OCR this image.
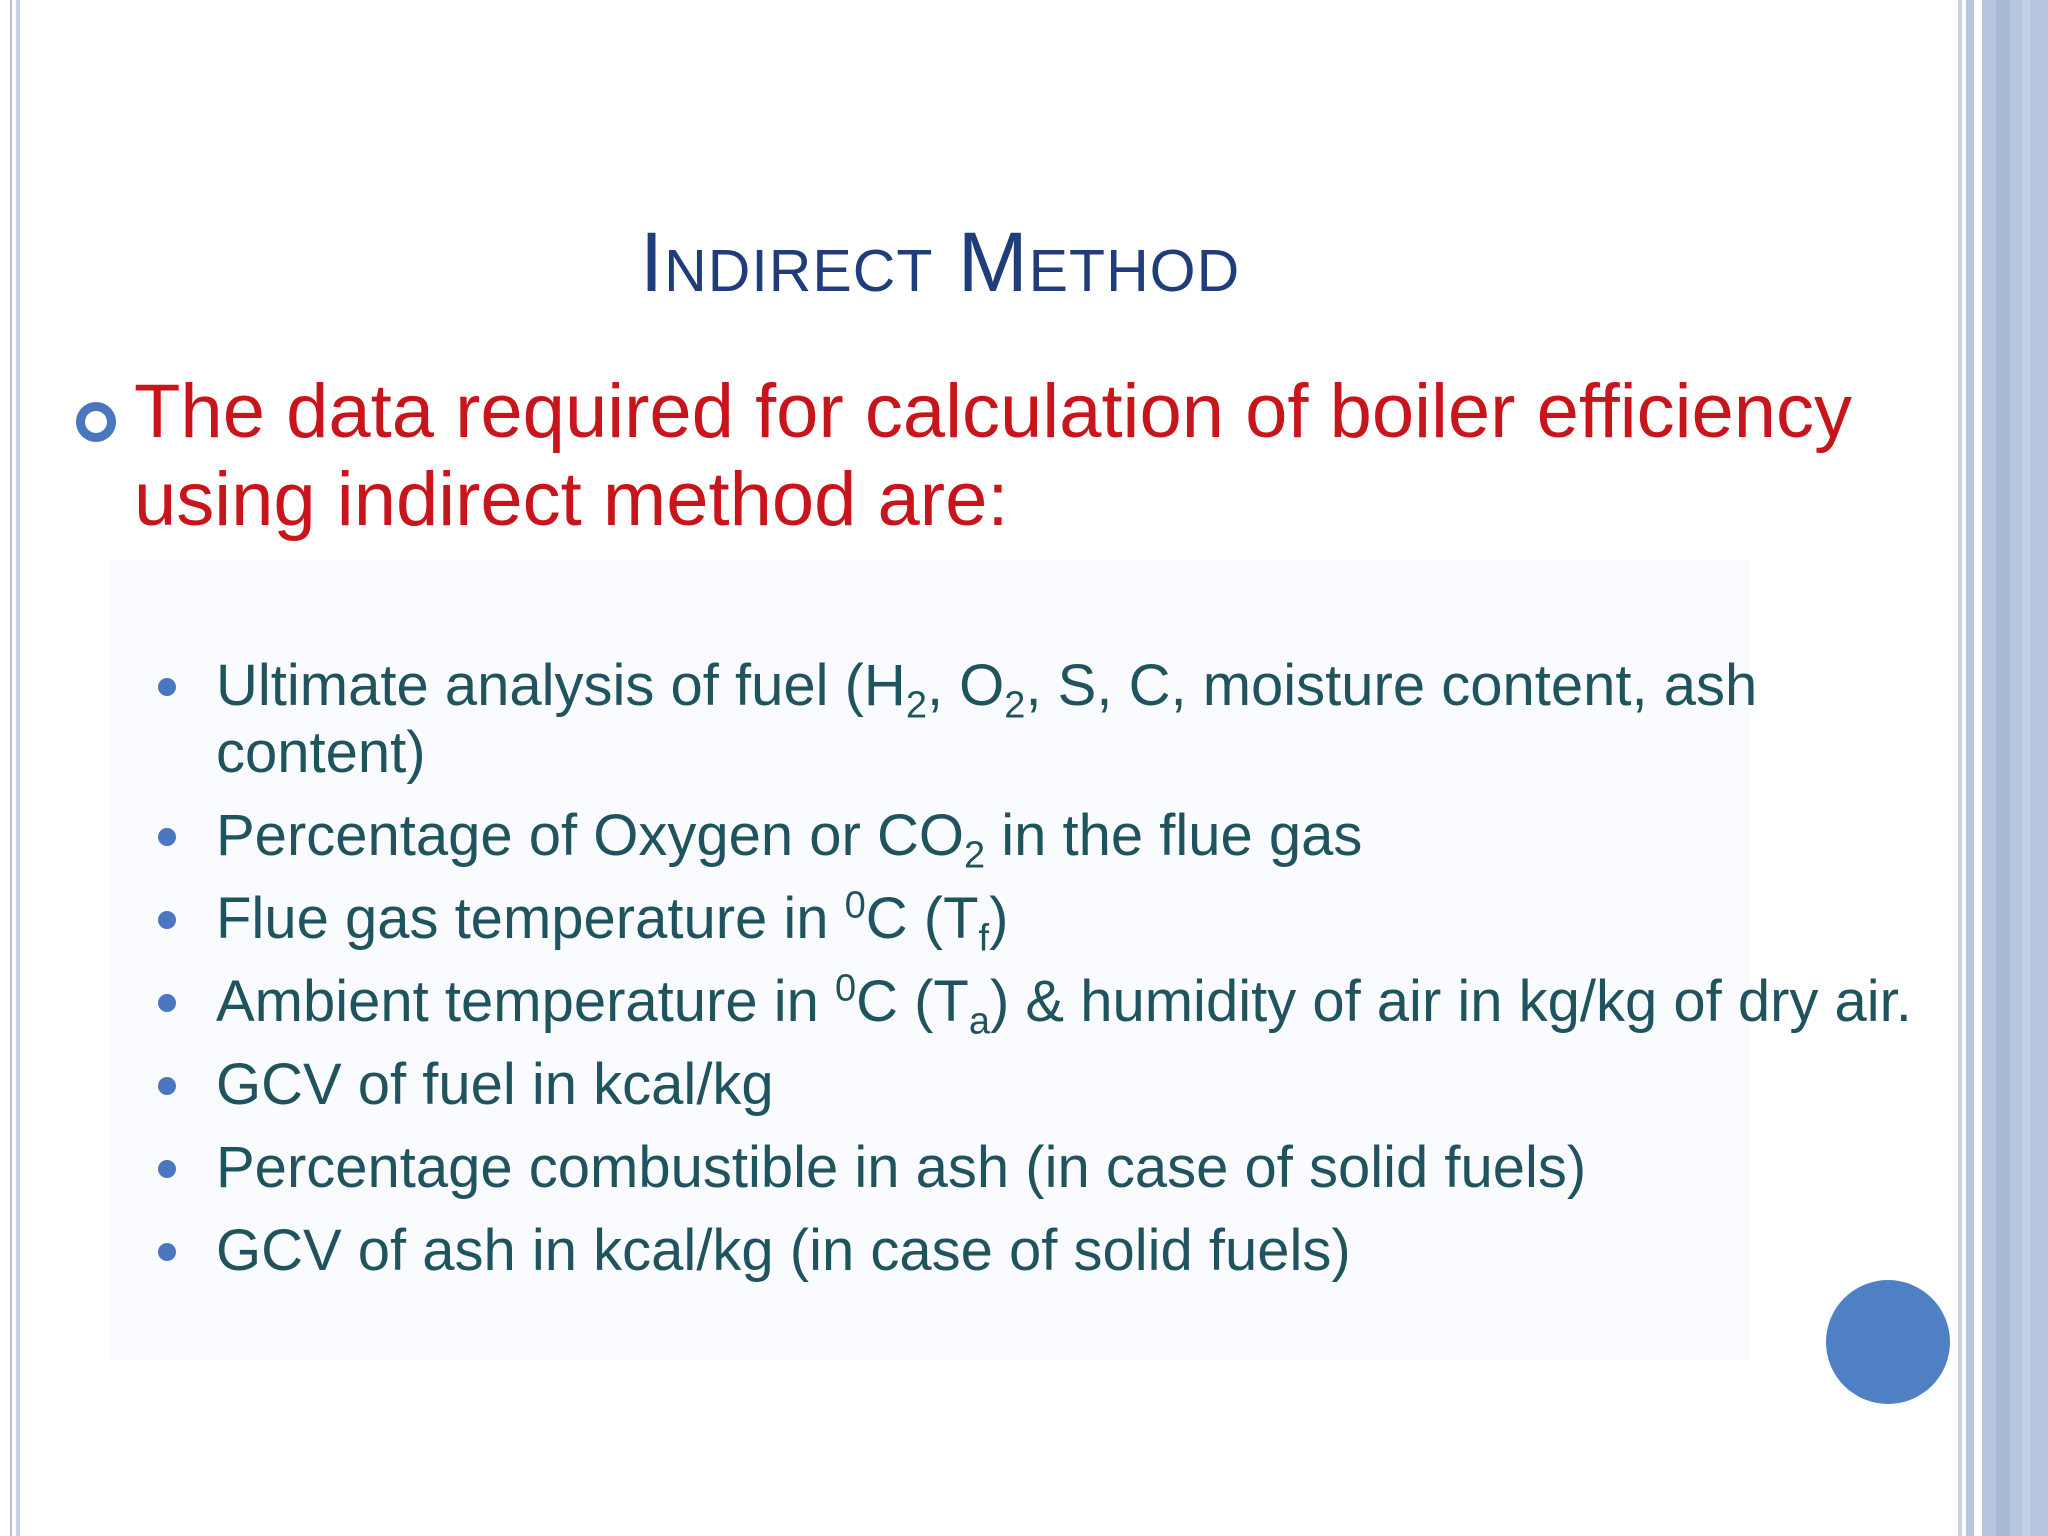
Indirect Method
The data required for calculation of boiler efficiency using indirect method are:
Ultimate analysis of fuel ($H_2$, $O_2$, S, C, moisture content, ash content)
Percentage of Oxygen or $CO_2$ in the flue gas
Flue gas temperature in $^0$C $(T_f)$
Ambient temperature in $^0$C $(T_a)$ & humidity of air in kg/kg of dry air.
GCV of fuel in kcal/kg
Percentage combustible in ash (in case of solid fuels)
GCV of ash in kcal/kg (in case of solid fuels)
